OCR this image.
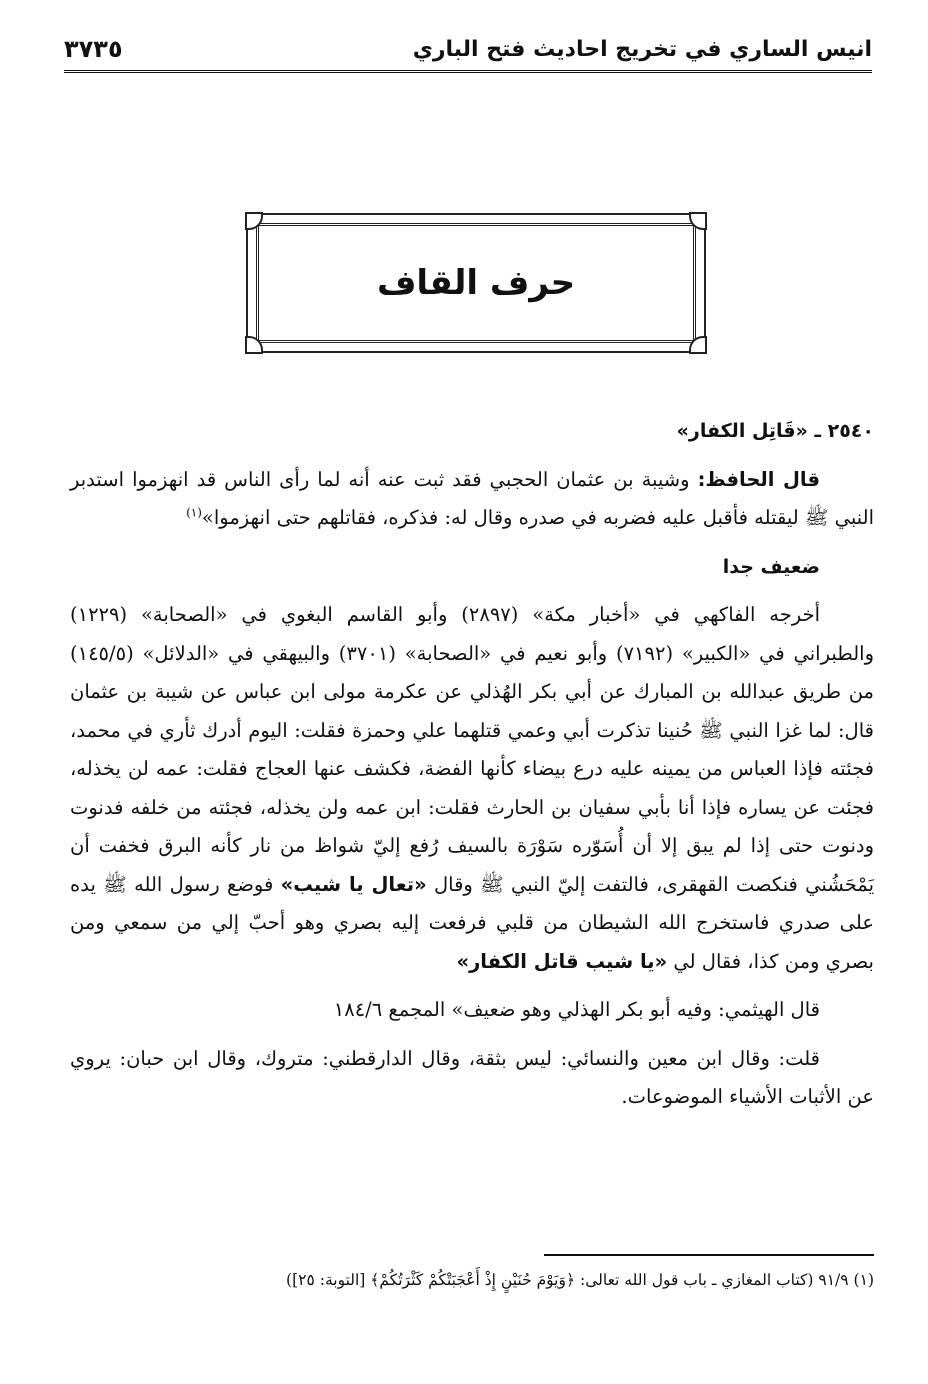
انيس الساري في تخريج احاديث فتح الباري
٣٧٣٥
حرف القاف

٢٥٤٠ ـ «قَاتِل الكفار»

قال الحافظ: وشيبة بن عثمان الحجبي فقد ثبت عنه أنه لما رأى الناس قد انهزموا استدبر النبي ﷺ ليقتله فأقبل عليه فضربه في صدره وقال له: فذكره، فقاتلهم حتى انهزموا»$^{(١)}$

ضعيف جدا

أخرجه الفاكهي في «أخبار مكة» (٢٨٩٧) وأبو القاسم البغوي في «الصحابة» (١٢٢٩) والطبراني في «الكبير» (٧١٩٢) وأبو نعيم في «الصحابة» (٣٧٠١) والبيهقي في «الدلائل» (١٤٥/٥) من طريق عبدالله بن المبارك عن أبي بكر الهُذلي عن عكرمة مولى ابن عباس عن شيبة بن عثمان قال: لما غزا النبي ﷺ حُنينا تذكرت أبي وعمي قتلهما علي وحمزة فقلت: اليوم أدرك ثأري في محمد، فجئته فإذا العباس من يمينه عليه درع بيضاء كأنها الفضة، فكشف عنها العجاج فقلت: عمه لن يخذله، فجئت عن يساره فإذا أنا بأبي سفيان بن الحارث فقلت: ابن عمه ولن يخذله، فجئته من خلفه فدنوت ودنوت حتى إذا لم يبق إلا أن أُسَوّره سَوْرَة بالسيف رُفع إليّ شواظ من نار كأنه البرق فخفت أن يَمْحَشُني فنكصت القهقرى، فالتفت إليّ النبي ﷺ وقال «تعال يا شيب» فوضع رسول الله ﷺ يده على صدري فاستخرج الله الشيطان من قلبي فرفعت إليه بصري وهو أحبّ إلي من سمعي ومن بصري ومن كذا، فقال لي «يا شيب قاتل الكفار»

قال الهيثمي: وفيه أبو بكر الهذلي وهو ضعيف» المجمع ١٨٤/٦

قلت: وقال ابن معين والنسائي: ليس بثقة، وقال الدارقطني: متروك، وقال ابن حبان: يروي عن الأثبات الأشياء الموضوعات.

(١) ٩١/٩ (كتاب المغازي ـ باب قول الله تعالى: ﴿وَيَوْمَ حُنَيْنٍ إِذْ أَعْجَبَتْكُمْ كَثْرَتُكُمْ﴾ [التوبة: ٢٥])
